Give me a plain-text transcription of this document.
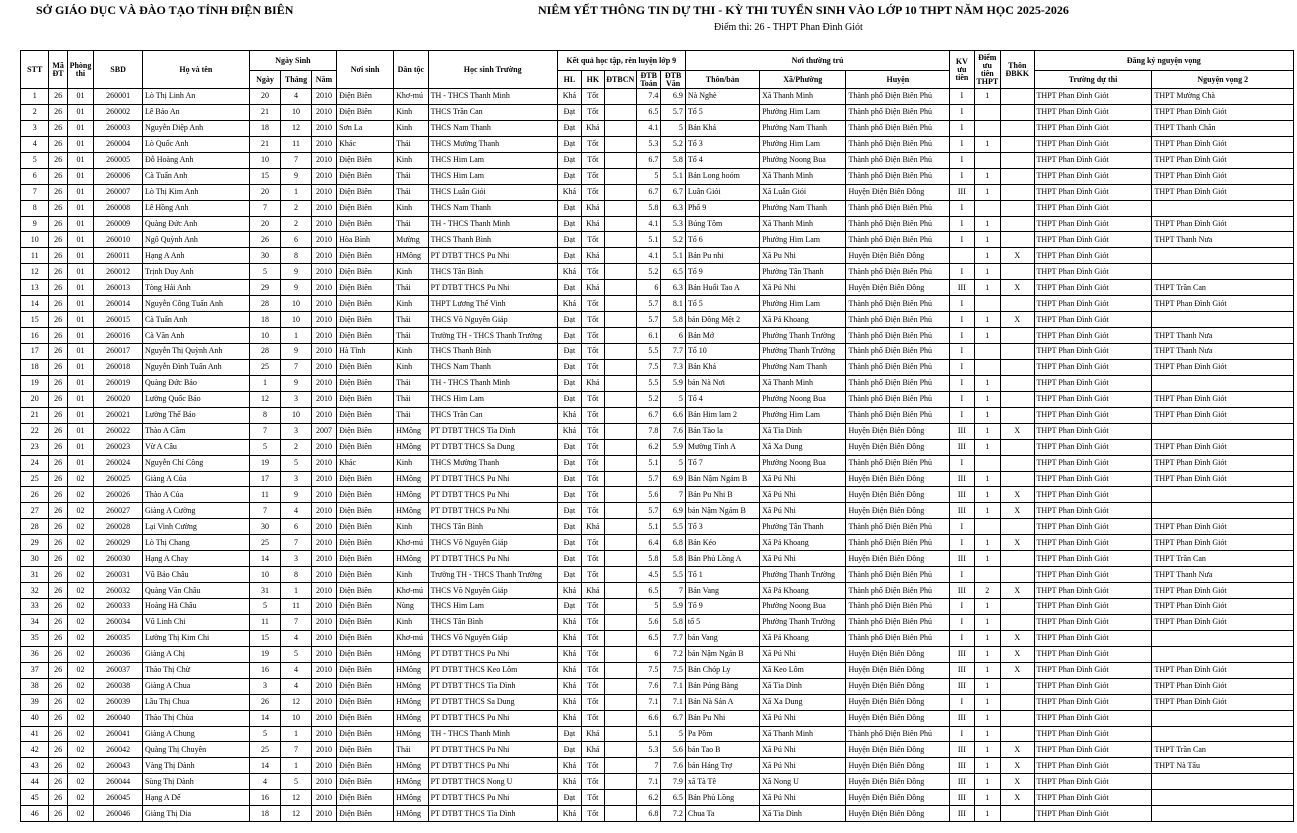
SỞ GIÁO DỤC VÀ ĐÀO TẠO TỈNH ĐIỆN BIÊN	NIÊM YẾT THÔNG TIN DỰ THI - KỲ THI TUYỂN SINH VÀO LỚP 10 THPT NĂM HỌC 2025-2026
Điểm thi: 26 - THPT Phan Đình Giót
STT	Mã ĐT	Phòng thi	SBD	Họ và tên	Ngày Sinh			Nơi sinh	Dân tộc	Học sinh Trường	Kết quả học tập, rèn luyện lớp 9					Nơi thường trú			KV ưu tiên	Điểm ưu tiên THPT	Thôn ĐBKK	Đăng ký nguyện vọng	

					Ngày	Tháng	Năm				HL	HK	ĐTBCN	ĐTB Toán	ĐTB Văn	Thôn/bản	Xã/Phường	Huyện				Trường dự thi	Nguyện vọng 2
1	26	01	260001	Lò Thị Linh An	20	4	2010	Điện Biên	Khơ-mú	TH - THCS Thanh Minh	Khá	Tốt		7.4	6.9	Nà Nghè	Xã Thanh Minh	Thành phố Điện Biên Phủ	I	1		THPT Phan Đình Giót	THPT Mường Chà
2	26	01	260002	Lê Bảo An	21	10	2010	Điện Biên	Kinh	THCS Trần Can	Đạt	Tốt		6.5	5.7	Tổ 5	Phường Him Lam	Thành phố Điện Biên Phủ	I			THPT Phan Đình Giót	THPT Phan Đình Giót
3	26	01	260003	Nguyễn Diệp Anh	18	12	2010	Sơn La	Kinh	THCS Nam Thanh	Đạt	Khá		4.1	5	Bản Khá	Phường Nam Thanh	Thành phố Điện Biên Phủ	I			THPT Phan Đình Giót	THPT Thanh Chăn
4	26	01	260004	Lò Quốc Anh	21	11	2010	Khác	Thái	THCS Mường Thanh	Đạt	Tốt		5.3	5.2	Tổ 3	Phường Him Lam	Thành phố Điện Biên Phủ	I	1		THPT Phan Đình Giót	THPT Phan Đình Giót
5	26	01	260005	Đỗ Hoàng Anh	10	7	2010	Điện Biên	Kinh	THCS Him Lam	Đạt	Tốt		6.7	5.8	Tổ 4	Phường Noong Bua	Thành phố Điện Biên Phủ	I			THPT Phan Đình Giót	THPT Phan Đình Giót
6	26	01	260006	Cà Tuấn Anh	15	9	2010	Điện Biên	Thái	THCS Him Lam	Đạt	Tốt		5	5.1	Bản Long hoóm	Xã Thanh Minh	Thành phố Điện Biên Phủ	I	1		THPT Phan Đình Giót	THPT Phan Đình Giót
7	26	01	260007	Lò Thị Kim Anh	20	1	2010	Điện Biên	Thái	THCS Luân Giói	Khá	Tốt		6.7	6.7	Luân Giói	Xã Luân Giói	Huyện Điện Biên Đông	III	1		THPT Phan Đình Giót	THPT Phan Đình Giót
8	26	01	260008	Lê Hồng Anh	7	2	2010	Điện Biên	Kinh	THCS Nam Thanh	Đạt	Khá		5.8	6.3	Phố 9	Phường Nam Thanh	Thành phố Điện Biên Phủ	I			THPT Phan Đình Giót	
9	26	01	260009	Quàng Đức Anh	20	2	2010	Điện Biên	Thái	TH - THCS Thanh Minh	Đạt	Khá		4.1	5.3	Búng Tôm	Xã Thanh Minh	Thành phố Điện Biên Phủ	I	1		THPT Phan Đình Giót	THPT Phan Đình Giót
10	26	01	260010	Ngô Quỳnh Anh	26	6	2010	Hòa Bình	Mường	THCS Thanh Bình	Đạt	Tốt		5.1	5.2	Tổ 6	Phường Him Lam	Thành phố Điện Biên Phủ	I	1		THPT Phan Đình Giót	THPT Thanh Nưa
11	26	01	260011	Hạng A Anh	30	8	2010	Điện Biên	HMông	PT DTBT THCS Pu Nhi	Đạt	Khá		4.1	5.1	Bản Pu nhi	Xã Pu Nhi	Huyện Điện Biên Đông		1	X	THPT Phan Đình Giót	
12	26	01	260012	Trịnh Duy Anh	5	9	2010	Điện Biên	Kinh	THCS Tân Bình	Khá	Tốt		5.2	6.5	Tổ 9	Phường Tân Thanh	Thành phố Điện Biên Phủ	I	1		THPT Phan Đình Giót	
13	26	01	260013	Tòng Hải Anh	29	9	2010	Điện Biên	Thái	PT DTBT THCS Pu Nhi	Đạt	Khá		6	6.3	Bản Huổi Tao A	Xã Pú Nhi	Huyện Điện Biên Đông	III	1	X	THPT Phan Đình Giót	THPT Trần Can
14	26	01	260014	Nguyễn Công Tuấn Anh	28	10	2010	Điện Biên	Kinh	THPT Lương Thế Vinh	Khá	Tốt		5.7	8.1	Tổ 5	Phường Him Lam	Thành phố Điện Biên Phủ	I			THPT Phan Đình Giót	THPT Phan Đình Giót
15	26	01	260015	Cà Tuấn Anh	18	10	2010	Điện Biên	Thái	THCS Võ Nguyên Giáp	Đạt	Tốt		5.7	5.8	bản Đông Mệt 2	Xã Pá Khoang	Thành phố Điện Biên Phủ	I	1	X	THPT Phan Đình Giót	
16	26	01	260016	Cà Văn Anh	10	1	2010	Điện Biên	Thái	Trường TH - THCS Thanh Trường	Đạt	Tốt		6.1	6	Bản Mớ	Phường Thanh Trường	Thành phố Điện Biên Phủ	I	1		THPT Phan Đình Giót	THPT Thanh Nưa
17	26	01	260017	Nguyễn Thị Quỳnh Anh	28	9	2010	Hà Tĩnh	Kinh	THCS Thanh Bình	Đạt	Tốt		5.5	7.7	Tổ 10	Phường Thanh Trường	Thành phố Điện Biên Phủ	I			THPT Phan Đình Giót	THPT Thanh Nưa
18	26	01	260018	Nguyễn Đình Tuấn Anh	25	7	2010	Điện Biên	Kinh	THCS Nam Thanh	Đạt	Tốt		7.5	7.3	Bản Khá	Phường Nam Thanh	Thành phố Điện Biên Phủ	I			THPT Phan Đình Giót	THPT Phan Đình Giót
19	26	01	260019	Quàng Đức Bảo	1	9	2010	Điện Biên	Thái	TH - THCS Thanh Minh	Đạt	Khá		5.5	5.9	bản Nà Nơi	Xã Thanh Minh	Thành phố Điện Biên Phủ	I	1		THPT Phan Đình Giót	
20	26	01	260020	Lường Quốc Bảo	12	3	2010	Điện Biên	Thái	THCS Him Lam	Đạt	Tốt		5.2	5	Tổ 4	Phường Noong Bua	Thành phố Điện Biên Phủ	I	1		THPT Phan Đình Giót	THPT Phan Đình Giót
21	26	01	260021	Lường Thế Bảo	8	10	2010	Điện Biên	Thái	THCS Trần Can	Khá	Tốt		6.7	6.6	Bản Him lam 2	Phường Him Lam	Thành phố Điện Biên Phủ	I	1		THPT Phan Đình Giót	THPT Phan Đình Giót
22	26	01	260022	Thào A Cầm	7	3	2007	Điện Biên	HMông	PT DTBT THCS Tìa Dình	Khá	Tốt		7.8	7.6	Bản Tào la	Xã Tìa Dình	Huyện Điện Biên Đông	III	1	X	THPT Phan Đình Giót	
23	26	01	260023	Vừ A Câu	5	2	2010	Điện Biên	HMông	PT DTBT THCS Sa Dung	Đạt	Tốt		6.2	5.9	Mường Tỉnh A	Xã Xa Dung	Huyện Điện Biên Đông	III	1		THPT Phan Đình Giót	THPT Phan Đình Giót
24	26	01	260024	Nguyễn Chí Công	19	5	2010	Khác	Kinh	THCS Mường Thanh	Đạt	Tốt		5.1	5	Tổ 7	Phường Noong Bua	Thành phố Điện Biên Phủ	I			THPT Phan Đình Giót	THPT Phan Đình Giót
25	26	02	260025	Giàng A Của	17	3	2010	Điện Biên	HMông	PT DTBT THCS Pu Nhi	Đạt	Tốt		5.7	6.9	Bản Nậm Ngám B	Xã Pú Nhi	Huyện Điện Biên Đông	III	1		THPT Phan Đình Giót	THPT Phan Đình Giót
26	26	02	260026	Thào A Của	11	9	2010	Điện Biên	HMông	PT DTBT THCS Pu Nhi	Đạt	Tốt		5.6	7	Bản Pu Nhi B	Xã Pú Nhi	Huyện Điện Biên Đông	III	1	X	THPT Phan Đình Giót	
27	26	02	260027	Giàng A Cường	7	4	2010	Điện Biên	HMông	PT DTBT THCS Pu Nhi	Đạt	Tốt		5.7	6.9	bản Nậm Ngám B	Xã Pú Nhi	Huyện Điện Biên Đông	III	1	X	THPT Phan Đình Giót	
28	26	02	260028	Lại Vinh Cường	30	6	2010	Điện Biên	Kinh	THCS Tân Bình	Đạt	Khá		5.1	5.5	Tổ 3	Phường Tân Thanh	Thành phố Điện Biên Phủ	I			THPT Phan Đình Giót	THPT Phan Đình Giót
29	26	02	260029	Lò Thị Chang	25	7	2010	Điện Biên	Khơ-mú	THCS Võ Nguyên Giáp	Đạt	Tốt		6.4	6.8	Bản Kéo	Xã Pá Khoang	Thành phố Điện Biên Phủ	I	1	X	THPT Phan Đình Giót	THPT Phan Đình Giót
30	26	02	260030	Hạng A Chay	14	3	2010	Điện Biên	HMông	PT DTBT THCS Pu Nhi	Đạt	Tốt		5.8	5.8	Bản Phủ Lồng A	Xã Pú Nhi	Huyện Điện Biên Đông	III	1		THPT Phan Đình Giót	THPT Trần Can
31	26	02	260031	Vũ Bảo Châu	10	8	2010	Điện Biên	Kinh	Trường TH - THCS Thanh Trường	Đạt	Tốt		4.5	5.5	Tổ 1	Phường Thanh Trường	Thành phố Điện Biên Phủ	I			THPT Phan Đình Giót	THPT Thanh Nưa
32	26	02	260032	Quàng Văn Châu	31	1	2010	Điện Biên	Khơ-mú	THCS Võ Nguyên Giáp	Khá	Khá		6.5	7	Bản Vang	Xã Pá Khoang	Thành phố Điện Biên Phủ	III	2	X	THPT Phan Đình Giót	THPT Phan Đình Giót
33	26	02	260033	Hoàng Hà Châu	5	11	2010	Điện Biên	Nùng	THCS Him Lam	Đạt	Tốt		5	5.9	Tổ 9	Phường Noong Bua	Thành phố Điện Biên Phủ	I	1		THPT Phan Đình Giót	THPT Phan Đình Giót
34	26	02	260034	Vũ Linh Chi	11	7	2010	Điện Biên	Kinh	THCS Tân Bình	Khá	Tốt		5.6	5.8	tổ 5	Phường Thanh Trường	Thành phố Điện Biên Phủ	I	1		THPT Phan Đình Giót	THPT Phan Đình Giót
35	26	02	260035	Lường Thị Kim Chi	15	4	2010	Điện Biên	Khơ-mú	THCS Võ Nguyên Giáp	Khá	Tốt		6.5	7.7	bản Vang	Xã Pá Khoang	Thành phố Điện Biên Phủ	I	1	X	THPT Phan Đình Giót	
36	26	02	260036	Giàng A Chị	19	5	2010	Điện Biên	HMông	PT DTBT THCS Pu Nhi	Khá	Tốt		6	7.2	bản Nậm Ngán B	Xã Pú Nhi	Huyện Điện Biên Đông	III	1	X	THPT Phan Đình Giót	
37	26	02	260037	Thào Thị Chừ	16	4	2010	Điện Biên	HMông	PT DTBT THCS Keo Lôm	Khá	Tốt		7.5	7.5	Bản Chóp Ly	Xã Keo Lôm	Huyện Điện Biên Đông	III	1	X	THPT Phan Đình Giót	THPT Phan Đình Giót
38	26	02	260038	Giàng A Chua	3	4	2010	Điện Biên	HMông	PT DTBT THCS Tìa Dình	Khá	Tốt		7.6	7.1	Bản Púng Bàng	Xã Tìa Dình	Huyện Điện Biên Đông	III	1		THPT Phan Đình Giót	THPT Phan Đình Giót
39	26	02	260039	Lầu Thị Chua	26	12	2010	Điện Biên	HMông	PT DTBT THCS Sa Dung	Khá	Tốt		7.1	7.1	Bản Nà Sản A	Xã Xa Dung	Huyện Điện Biên Đông	I	1		THPT Phan Đình Giót	THPT Phan Đình Giót
40	26	02	260040	Thào Thị Chùa	14	10	2010	Điện Biên	HMông	PT DTBT THCS Pu Nhi	Khá	Tốt		6.6	6.7	Bản Pu Nhi	Xã Pú Nhi	Huyện Điện Biên Đông	III	1		THPT Phan Đình Giót	
41	26	02	260041	Giàng A Chung	5	1	2010	Điện Biên	HMông	TH - THCS Thanh Minh	Đạt	Khá		5.1	5	Pa Pồm	Xã Thanh Minh	Thành phố Điện Biên Phủ	I	1		THPT Phan Đình Giót	
42	26	02	260042	Quàng Thị Chuyên	25	7	2010	Điện Biên	Thái	PT DTBT THCS Pu Nhi	Đạt	Khá		5.3	5.6	bản Tao B	Xã Pú Nhi	Huyện Điện Biên Đông	III	1	X	THPT Phan Đình Giót	THPT Trần Can
43	26	02	260043	Vàng Thị Dành	14	1	2010	Điện Biên	HMông	PT DTBT THCS Pu Nhi	Khá	Tốt		7	7.6	bản Háng Trợ	Xã Pú Nhi	Huyện Điện Biên Đông	III	1	X	THPT Phan Đình Giót	THPT Nà Tấu
44	26	02	260044	Sùng Thị Dành	4	5	2010	Điện Biên	HMông	PT DTBT THCS Nong U	Khá	Tốt		7.1	7.9	xã Tà Tê	Xã Nong U	Huyện Điện Biên Đông	III	1	X	THPT Phan Đình Giót	
45	26	02	260045	Hạng A Dế	16	12	2010	Điện Biên	HMông	PT DTBT THCS Pu Nhi	Đạt	Tốt		6.2	6.5	Bản Phủ Lồng	Xã Pú Nhi	Huyện Điện Biên Đông	III	1	X	THPT Phan Đình Giót	
46	26	02	260046	Giàng Thị Dia	18	12	2010	Điện Biên	HMông	PT DTBT THCS Tìa Dình	Khá	Tốt		6.8	7.2	Chua Ta	Xã Tìa Dình	Huyện Điện Biên Đông	III	1		THPT Phan Đình Giót	
